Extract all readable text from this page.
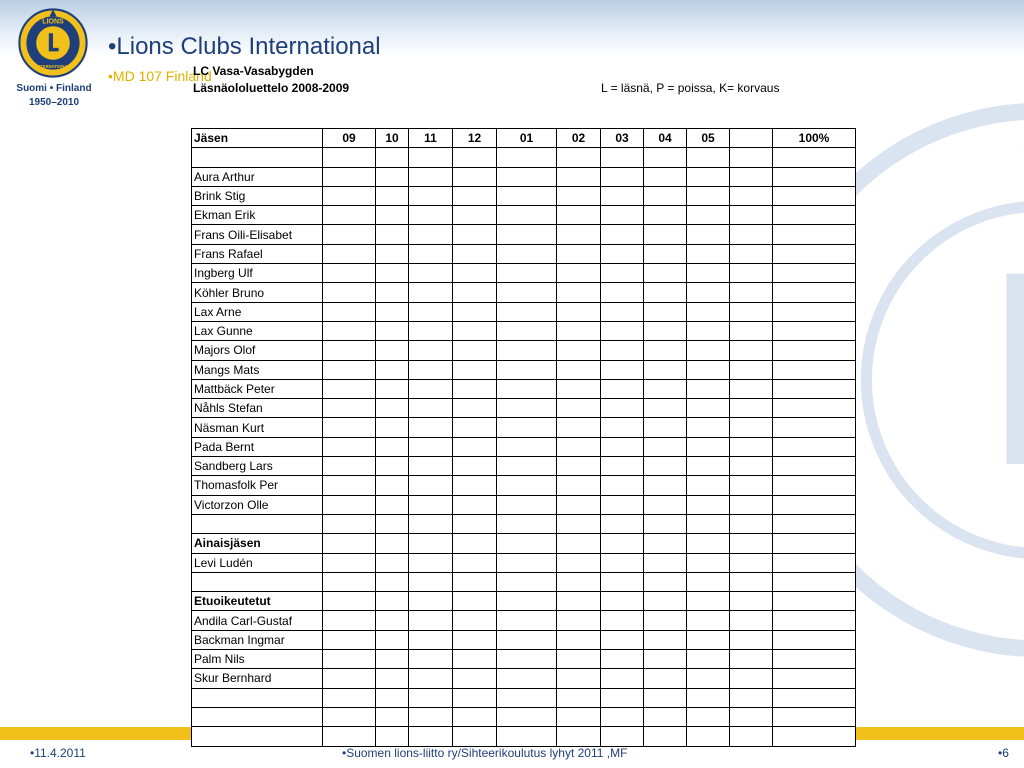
LIONS
INTERNATIONAL
Suomi • Finland
1950–2010
•Lions Clubs International
•MD 107 Finland
LC Vasa-Vasabygden
Läsnäololuettelo 2008-2009	L = läsnä, P = poissa, K= korvaus
Jäsen	09	10	11	12	01	02	03	04	05		100%

Aura Arthur											
Brink Stig											
Ekman Erik											
Frans Oili-Elisabet											
Frans Rafael											
Ingberg Ulf											
Köhler Bruno											
Lax Arne											
Lax Gunne											
Majors Olof											
Mangs Mats											
Mattbäck Peter											
Nåhls Stefan											
Näsman Kurt											
Pada Bernt											
Sandberg Lars											
Thomasfolk Per											
Victorzon Olle											

Ainaisjäsen											
Levi Ludén											

Etuoikeutetut											
Andila Carl-Gustaf											
Backman Ingmar											
Palm Nils											
Skur Bernhard											

•11.4.2011	•Suomen lions-liitto ry/Sihteerikoulutus lyhyt 2011 ,MF	•6
